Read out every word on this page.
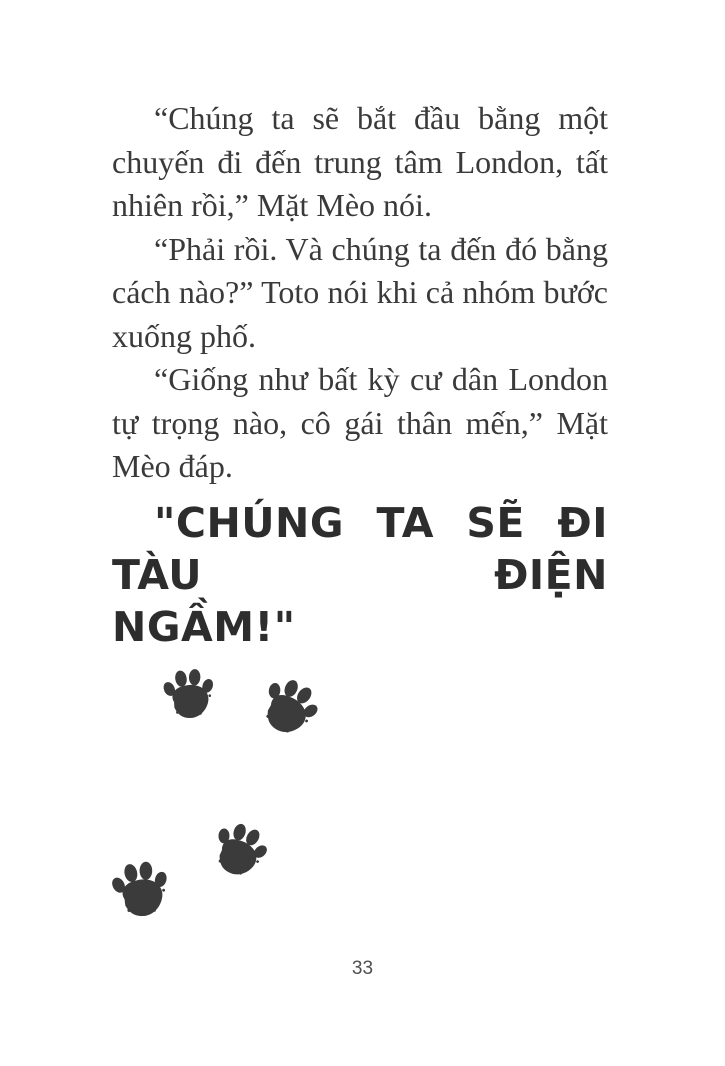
“Chúng ta sẽ bắt đầu bằng một
chuyến đi đến trung tâm London, tất
nhiên rồi,” Mặt Mèo nói.
“Phải rồi. Và chúng ta đến đó bằng
cách nào?” Toto nói khi cả nhóm bước
xuống phố.
“Giống như bất kỳ cư dân London
tự trọng nào, cô gái thân mến,” Mặt
Mèo đáp.
"CHÚNG TA SẼ ĐI TÀU ĐIỆN
NGẦM!"
33
